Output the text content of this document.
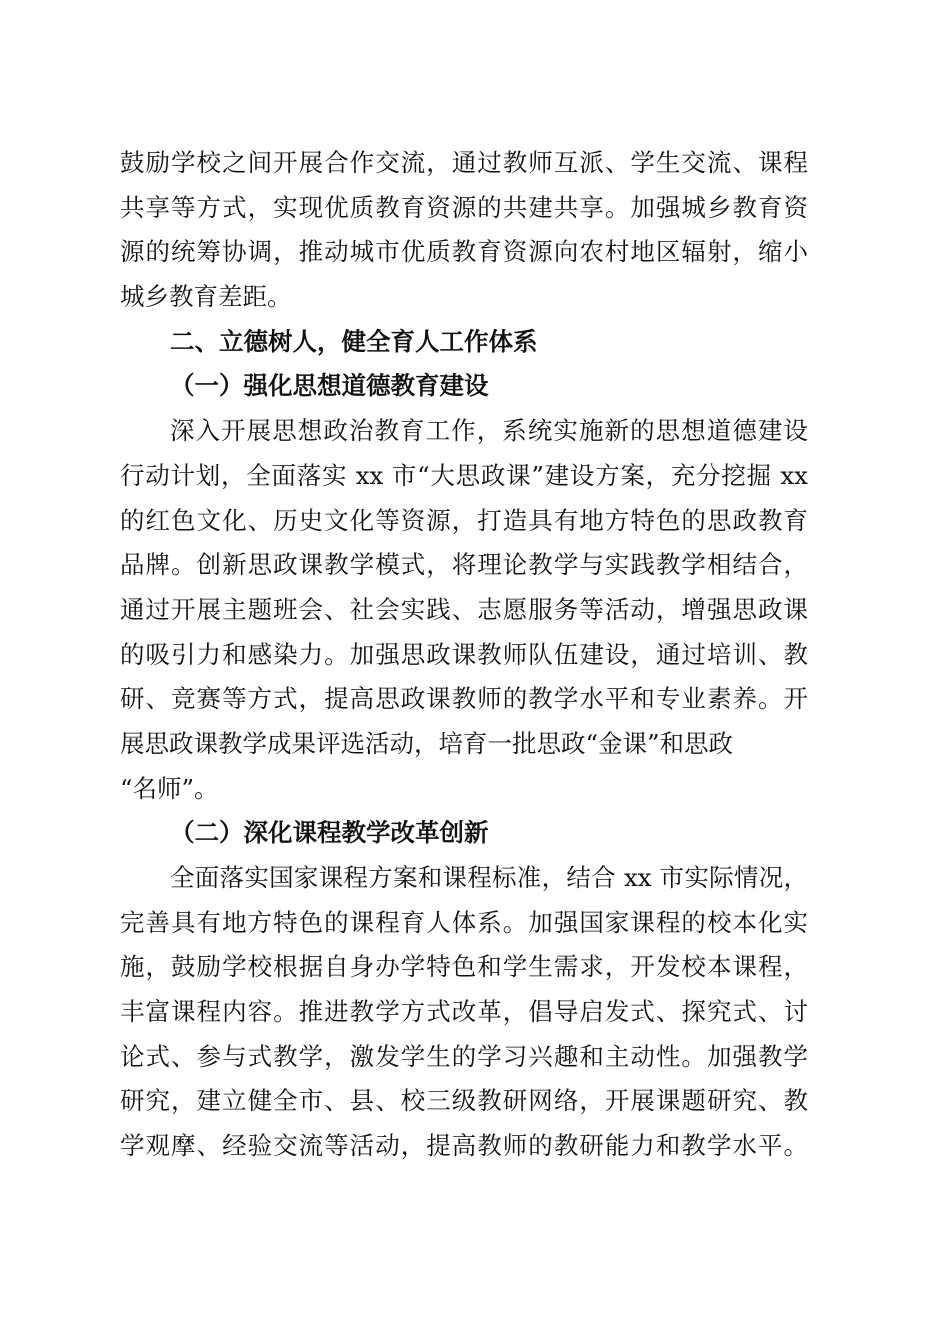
鼓励学校之间开展合作交流，通过教师互派、学生交流、课程
共享等方式，实现优质教育资源的共建共享。加强城乡教育资
源的统筹协调，推动城市优质教育资源向农村地区辐射，缩小
城乡教育差距。
二、立德树人，健全育人工作体系
（一）强化思想道德教育建设
深入开展思想政治教育工作，系统实施新的思想道德建设
行动计划，全面落实 xx 市“大思政课”建设方案，充分挖掘 xx
的红色文化、历史文化等资源，打造具有地方特色的思政教育
品牌。创新思政课教学模式，将理论教学与实践教学相结合，
通过开展主题班会、社会实践、志愿服务等活动，增强思政课
的吸引力和感染力。加强思政课教师队伍建设，通过培训、教
研、竞赛等方式，提高思政课教师的教学水平和专业素养。开
展思政课教学成果评选活动，培育一批思政“金课”和思政
“名师”。
（二）深化课程教学改革创新
全面落实国家课程方案和课程标准，结合 xx 市实际情况，
完善具有地方特色的课程育人体系。加强国家课程的校本化实
施，鼓励学校根据自身办学特色和学生需求，开发校本课程，
丰富课程内容。推进教学方式改革，倡导启发式、探究式、讨
论式、参与式教学，激发学生的学习兴趣和主动性。加强教学
研究，建立健全市、县、校三级教研网络，开展课题研究、教
学观摩、经验交流等活动，提高教师的教研能力和教学水平。
